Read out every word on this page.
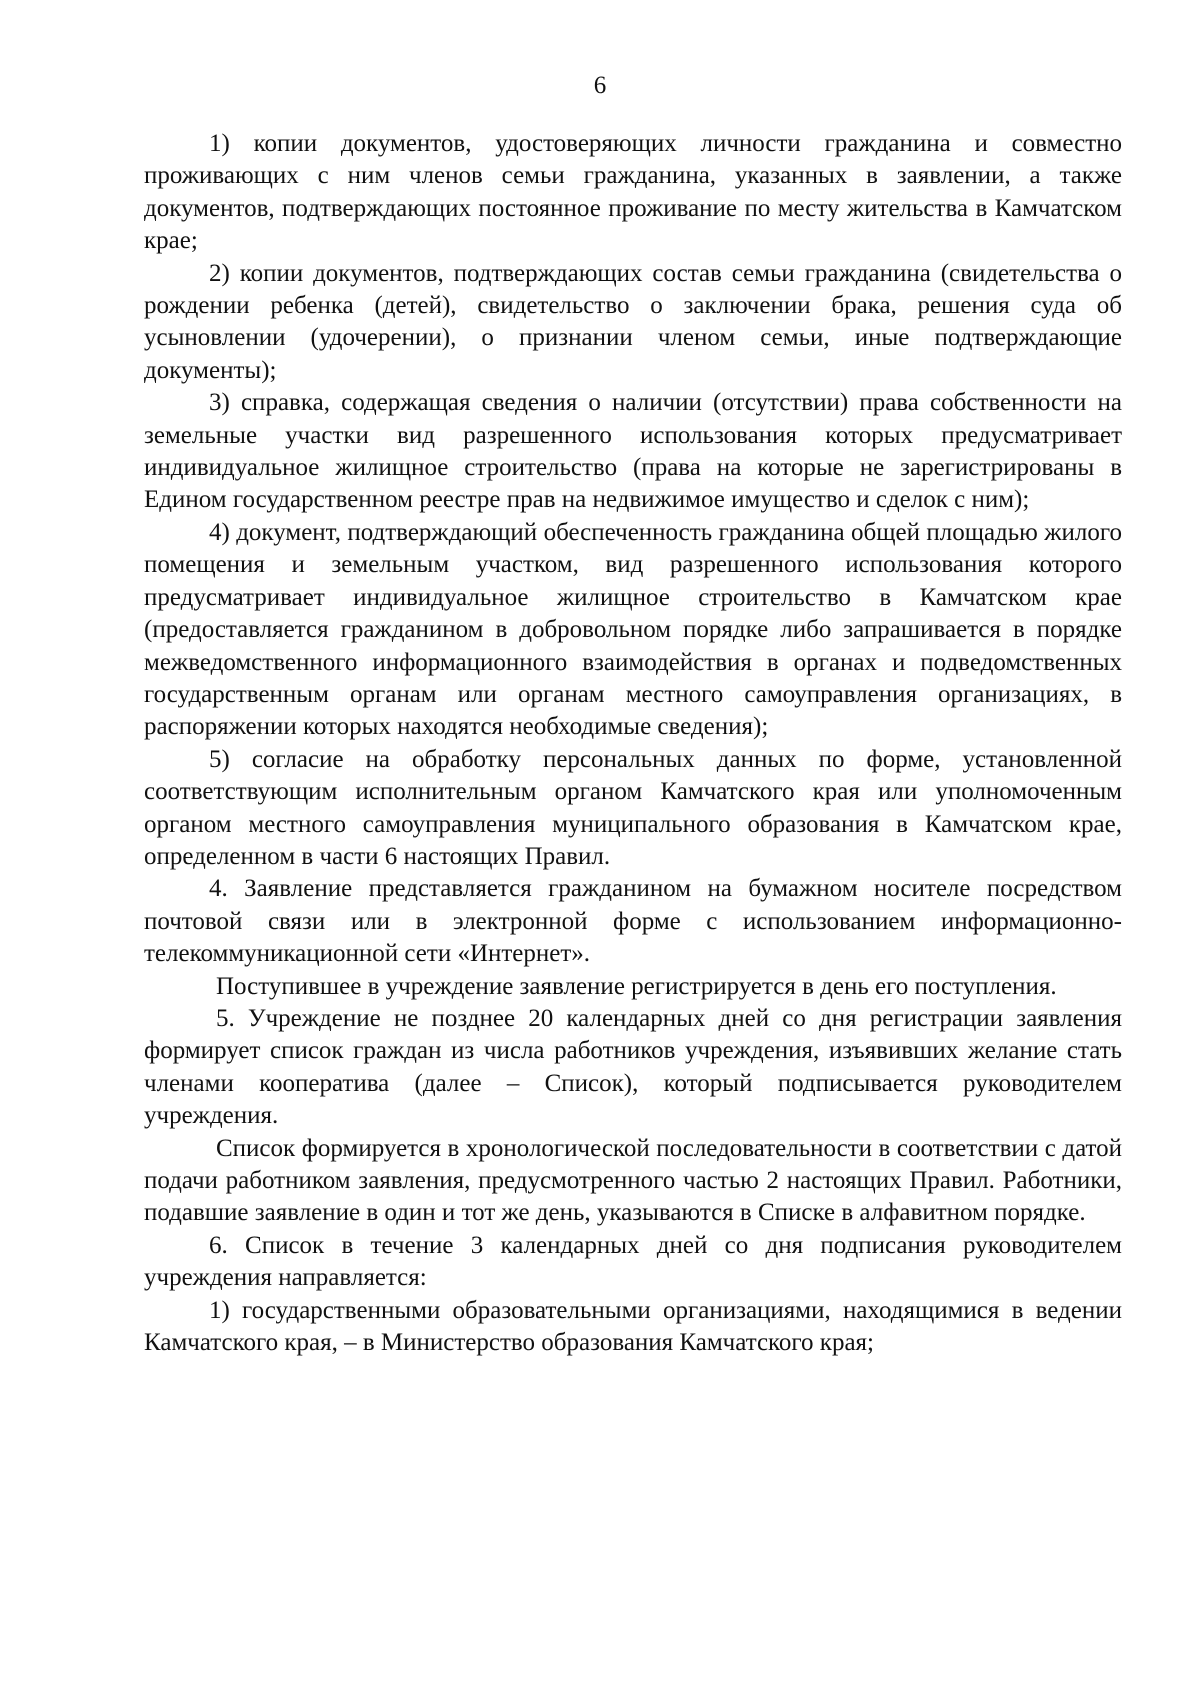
6

1) копии документов, удостоверяющих личности гражданина и совместно проживающих с ним членов семьи гражданина, указанных в заявлении, а также документов, подтверждающих постоянное проживание по месту жительства в Камчатском крае;

2) копии документов, подтверждающих состав семьи гражданина (свидетельства о рождении ребенка (детей), свидетельство о заключении брака, решения суда об усыновлении (удочерении), о признании членом семьи, иные подтверждающие документы);

3) справка, содержащая сведения о наличии (отсутствии) права собственности на земельные участки вид разрешенного использования которых предусматривает индивидуальное жилищное строительство (права на которые не зарегистрированы в Едином государственном реестре прав на недвижимое имущество и сделок с ним);

4) документ, подтверждающий обеспеченность гражданина общей площадью жилого помещения и земельным участком, вид разрешенного использования которого предусматривает индивидуальное жилищное строительство в Камчатском крае (предоставляется гражданином в добровольном порядке либо запрашивается в порядке межведомственного информационного взаимодействия в органах и подведомственных государственным органам или органам местного самоуправления организациях, в распоряжении которых находятся необходимые сведения);

5) согласие на обработку персональных данных по форме, установленной соответствующим исполнительным органом Камчатского края или уполномоченным органом местного самоуправления муниципального образования в Камчатском крае, определенном в части 6 настоящих Правил.

4. Заявление представляется гражданином на бумажном носителе посредством почтовой связи или в электронной форме с использованием информационно-телекоммуникационной сети «Интернет».

Поступившее в учреждение заявление регистрируется в день его поступления.

5. Учреждение не позднее 20 календарных дней со дня регистрации заявления формирует список граждан из числа работников учреждения, изъявивших желание стать членами кооператива (далее – Список), который подписывается руководителем учреждения.

Список формируется в хронологической последовательности в соответствии с датой подачи работником заявления, предусмотренного частью 2 настоящих Правил. Работники, подавшие заявление в один и тот же день, указываются в Списке в алфавитном порядке.

6. Список в течение 3 календарных дней со дня подписания руководителем учреждения направляется:

1) государственными образовательными организациями, находящимися в ведении Камчатского края, – в Министерство образования Камчатского края;
